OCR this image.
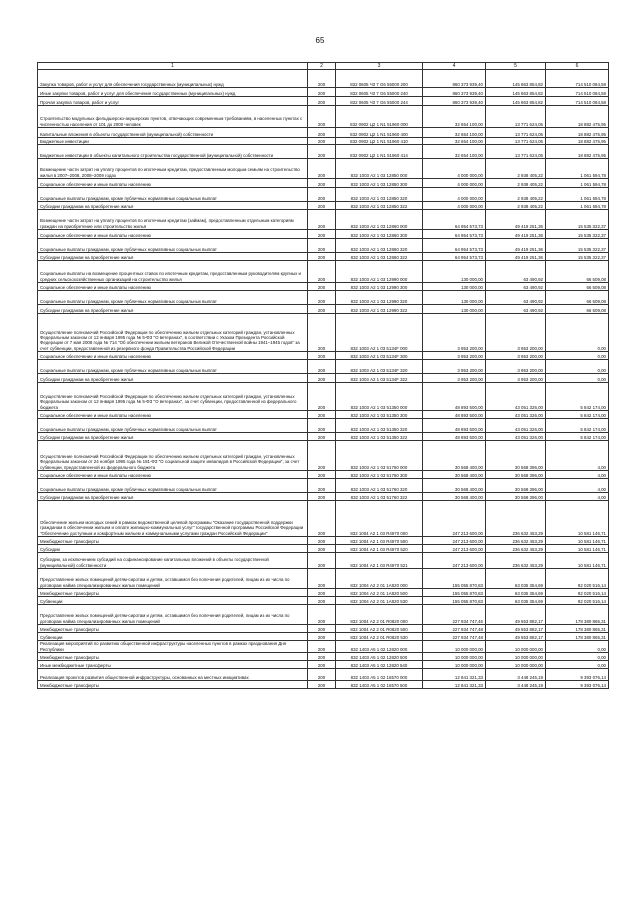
65
1	2	3	4	5	6
Закупка товаров, работ и услуг для обеспечения государственных (муниципальных) нужд	200	832 0605 Ч3 7 G6 55000 200	860 373 939,40	145 863 854,82	714 510 084,58
Иные закупки товаров, работ и услуг для обеспечения государственных (муниципальных) нужд	200	832 0605 Ч3 7 G6 55000 240	860 373 939,40	145 863 854,82	714 510 084,58
Прочая закупка товаров, работ и услуг	200	832 0605 Ч3 7 G6 55000 244	860 373 939,40	145 863 854,82	714 510 084,58
Строительство модульных фельдшерско-акушерских пунктов, отвечающих современным требованиям, в населенных пунктах с численностью населения от 101 до 2000 человек	200	832 0902 Ц2 1 N1 51960 000	32 654 100,00	13 771 624,05	18 882 475,95
Капитальные вложения в объекты государственной (муниципальной) собственности	200	832 0902 Ц2 1 N1 51960 400	32 654 100,00	13 771 624,05	18 882 475,95
Бюджетные инвестиции	200	832 0902 Ц2 1 N1 51960 410	32 654 100,00	13 771 624,05	18 882 475,95
Бюджетные инвестиции в объекты капитального строительства государственной (муниципальной) собственности	200	832 0902 Ц2 1 N1 51960 414	32 654 100,00	13 771 624,05	18 882 475,95
Возмещение части затрат на уплату процентов по ипотечным кредитам, предоставленным молодым семьям на строительство жилья в 2007–2008, 2008–2009 годах	200	832 1003 А2 1 03 12850 000	4 000 000,00	2 938 405,22	1 061 594,78
Социальное обеспечение и иные выплаты населению	200	832 1003 А2 1 03 12850 300	4 000 000,00	2 938 405,22	1 061 594,78
Социальные выплаты гражданам, кроме публичных нормативных социальных выплат	200	832 1003 А2 1 03 12850 320	4 000 000,00	2 938 405,22	1 061 594,78
Субсидии гражданам на приобретение жилья	200	832 1003 А2 1 03 12850 322	4 000 000,00	2 938 405,22	1 061 594,78
Возмещение части затрат на уплату процентов по ипотечным кредитам (займам), предоставленным отдельным категориям граждан на приобретение или строительство жилья	200	832 1003 А2 1 03 12860 000	64 954 573,73	49 419 251,36	15 535 322,37
Социальное обеспечение и иные выплаты населению	200	832 1003 А2 1 03 12860 300	64 954 573,73	49 419 251,36	15 535 322,37
Социальные выплаты гражданам, кроме публичных нормативных социальных выплат	200	832 1003 А2 1 03 12860 320	64 954 573,73	49 419 251,36	15 535 322,37
Субсидии гражданам на приобретение жилья	200	832 1003 А2 1 03 12860 322	64 954 573,73	49 419 251,36	15 535 322,37
Социальные выплаты на возмещение процентных ставок по ипотечным кредитам, предоставленным руководителям крупных и средних сельскохозяйственных организаций на строительство жилья	200	832 1003 А2 1 03 12990 000	130 000,00	63 490,92	66 509,08
Социальное обеспечение и иные выплаты населению	200	832 1003 А2 1 03 12990 300	130 000,00	63 490,92	66 509,08
Социальные выплаты гражданам, кроме публичных нормативных социальных выплат	200	832 1003 А2 1 03 12990 320	130 000,00	63 490,92	66 509,08
Субсидии гражданам на приобретение жилья	200	832 1003 А2 1 03 12990 322	130 000,00	63 490,92	66 509,08
Осуществление полномочий Российской Федерации по обеспечению жильем отдельных категорий граждан, установленных Федеральным законом от 12 января 1995 года № 5-ФЗ "О ветеранах", в соответствии с Указом Президента Российской Федерации от 7 мая 2008 года № 714 "Об обеспечении жильем ветеранов Великой Отечественной войны 1941–1945 годов" за счет субвенции, предоставленной из резервного фонда Правительства Российской Федерации	200	832 1003 А2 1 03 5134F 000	3 953 200,00	3 953 200,00	0,00
Социальное обеспечение и иные выплаты населению	200	832 1003 А2 1 03 5134F 300	3 953 200,00	3 953 200,00	0,00
Социальные выплаты гражданам, кроме публичных нормативных социальных выплат	200	832 1003 А2 1 03 5134F 320	3 953 200,00	3 953 200,00	0,00
Субсидии гражданам на приобретение жилья	200	832 1003 А2 1 03 5134F 322	3 953 200,00	3 953 200,00	0,00
Осуществление полномочий Российской Федерации по обеспечению жильем отдельных категорий граждан, установленных Федеральным законом от 12 января 1995 года № 5-ФЗ "О ветеранах", за счет субвенции, предоставленной из федерального бюджета	200	832 1003 А2 1 03 51350 000	48 893 500,00	43 051 326,00	5 842 174,00
Социальное обеспечение и иные выплаты населению	200	832 1003 А2 1 03 51350 300	48 893 500,00	43 051 326,00	5 842 174,00
Социальные выплаты гражданам, кроме публичных нормативных социальных выплат	200	832 1003 А2 1 03 51350 320	48 893 500,00	43 051 326,00	5 842 174,00
Субсидии гражданам на приобретение жилья	200	832 1003 А2 1 03 51350 322	48 893 500,00	43 051 326,00	5 842 174,00
Осуществление полномочий Российской Федерации по обеспечению жильем отдельных категорий граждан, установленных Федеральным законом от 24 ноября 1995 года № 181-ФЗ "О социальной защите инвалидов в Российской Федерации", за счет субвенции, предоставленной из федерального бюджета	200	832 1003 А2 1 03 51760 000	30 568 400,00	30 568 396,00	4,00
Социальное обеспечение и иные выплаты населению	200	832 1003 А2 1 03 51760 300	30 568 400,00	30 568 396,00	4,00
Социальные выплаты гражданам, кроме публичных нормативных социальных выплат	200	832 1003 А2 1 03 51760 320	30 568 400,00	30 568 396,00	4,00
Субсидии гражданам на приобретение жилья	200	832 1003 А2 1 03 51760 322	30 568 400,00	30 568 396,00	4,00
Обеспечение жильем молодых семей в рамках ведомственной целевой программы "Оказание государственной поддержки гражданам в обеспечении жильем и оплате жилищно-коммунальных услуг" государственной программы Российской Федерации "Обеспечение доступным и комфортным жильем и коммунальными услугами граждан Российской Федерации"	200	832 1004 А2 1 03 R4970 000	247 213 600,00	236 632 453,29	10 581 146,71
Межбюджетные трансферты	200	832 1004 А2 1 03 R4970 500	247 213 600,00	236 632 453,29	10 581 146,71
Субсидии	200	832 1004 А2 1 03 R4970 520	247 213 600,00	236 632 453,29	10 581 146,71
Субсидии, за исключением субсидий на софинансирование капитальных вложений в объекты государственной (муниципальной) собственности	200	832 1004 А2 1 03 R4970 521	247 213 600,00	236 632 453,29	10 581 146,71
Предоставление жилых помещений детям-сиротам и детям, оставшимся без попечения родителей, лицам из их числа по договорам найма специализированных жилых помещений	200	832 1004 А2 2 01 1А820 000	155 055 870,83	63 035 354,69	92 020 516,14
Межбюджетные трансферты	200	832 1004 А2 2 01 1А820 500	155 055 870,83	63 035 354,69	92 020 516,14
Субвенции	200	832 1004 А2 2 01 1А820 530	155 055 870,83	63 035 354,69	92 020 516,14
Предоставление жилых помещений детям-сиротам и детям, оставшимся без попечения родителей, лицам из их числа по договорам найма специализированных жилых помещений	200	832 1004 А2 2 01 R0820 000	227 934 747,46	49 553 882,17	178 380 865,31
Межбюджетные трансферты	200	832 1004 А2 2 01 R0820 500	227 934 747,48	49 553 882,17	178 380 865,31
Субвенции	200	832 1004 А2 2 01 R0820 530	227 934 747,48	49 553 882,17	178 380 865,31
Реализация мероприятий по развитию общественной инфраструктуры населенных пунктов в рамках празднования Дня Республики	200	832 1403 А5 1 02 12820 000	10 000 000,00	10 000 000,00	0,00
Межбюджетные трансферты	200	832 1403 А5 1 02 12820 500	10 000 000,00	10 000 000,00	0,00
Иные межбюджетные трансферты	200	832 1403 А5 1 02 12820 540	10 000 000,00	10 000 000,00	0,00
Реализация проектов развития общественной инфраструктуры, основанных на местных инициативах	200	832 1403 А5 1 02 16570 000	12 841 321,33	3 448 245,19	9 393 076,14
Межбюджетные трансферты	200	832 1403 А5 1 02 16570 500	12 841 321,33	3 448 245,19	9 393 076,14
